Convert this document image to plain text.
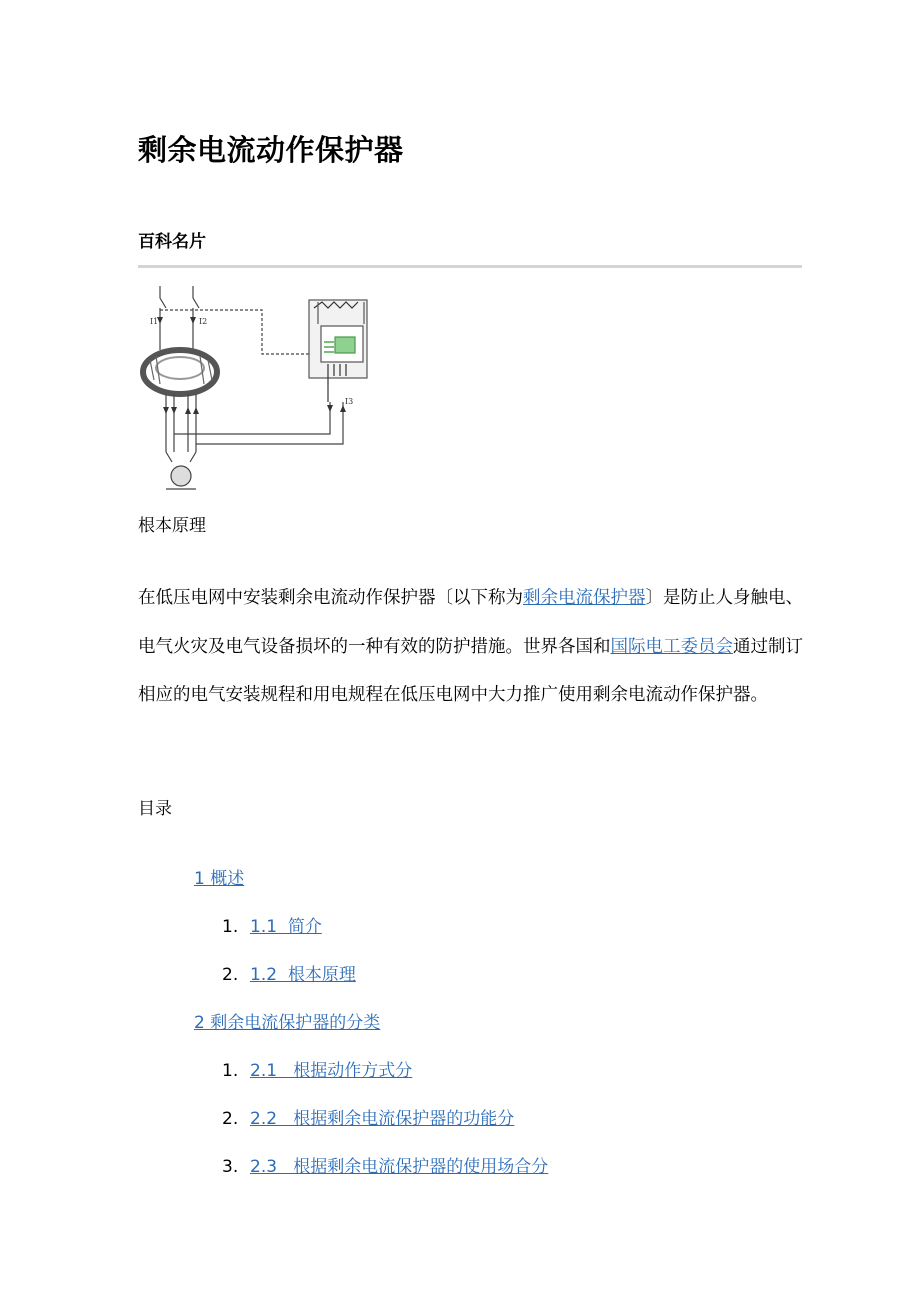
剩余电流动作保护器
百科名片
I1	I2
I3
根本原理

在低压电网中安装剩余电流动作保护器〔以下称为剩余电流保护器〕是防止人身触电、电气火灾及电气设备损坏的一种有效的防护措施。世界各国和国际电工委员会通过制订相应的电气安装规程和用电规程在低压电网中大力推广使用剩余电流动作保护器。

目录
1 概述
1. 1.1  简介
2. 1.2  根本原理
2 剩余电流保护器的分类
1. 2.1   根据动作方式分
2. 2.2   根据剩余电流保护器的功能分
3. 2.3   根据剩余电流保护器的使用场合分
